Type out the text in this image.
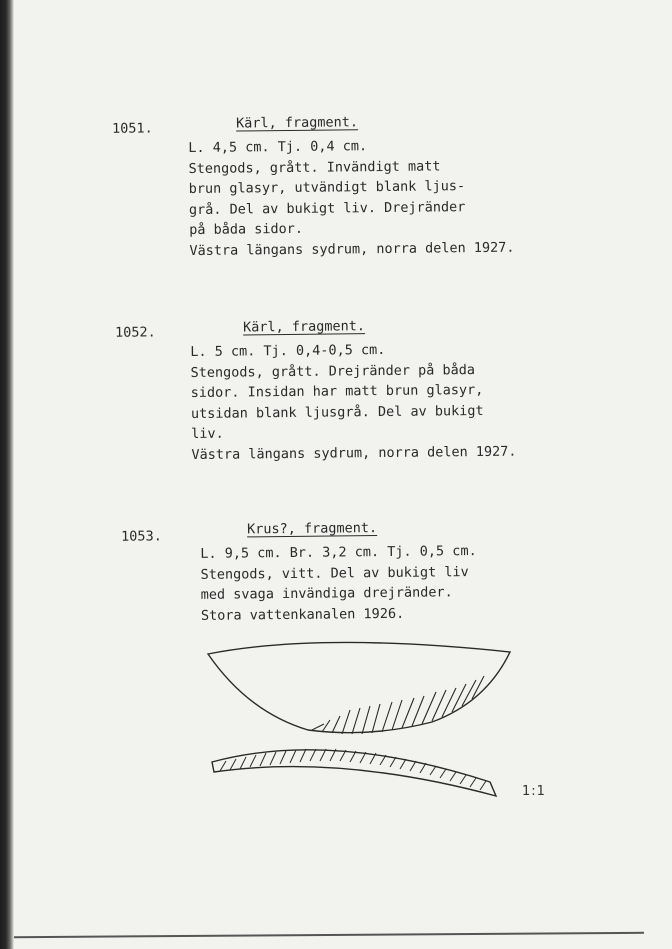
1051.	Kärl, fragment.
L. 4,5 cm. Tj. 0,4 cm.
Stengods, grått. Invändigt matt
brun glasyr, utvändigt blank ljus-
grå. Del av bukigt liv. Drejränder
på båda sidor.
Västra längans sydrum, norra delen 1927.
1052.	Kärl, fragment.
L. 5 cm. Tj. 0,4-0,5 cm.
Stengods, grått. Drejränder på båda
sidor. Insidan har matt brun glasyr,
utsidan blank ljusgrå. Del av bukigt
liv.
Västra längans sydrum, norra delen 1927.
1053.	Krus?, fragment.
L. 9,5 cm. Br. 3,2 cm. Tj. 0,5 cm.
Stengods, vitt. Del av bukigt liv
med svaga invändiga drejränder.
Stora vattenkanalen 1926.
1:1
